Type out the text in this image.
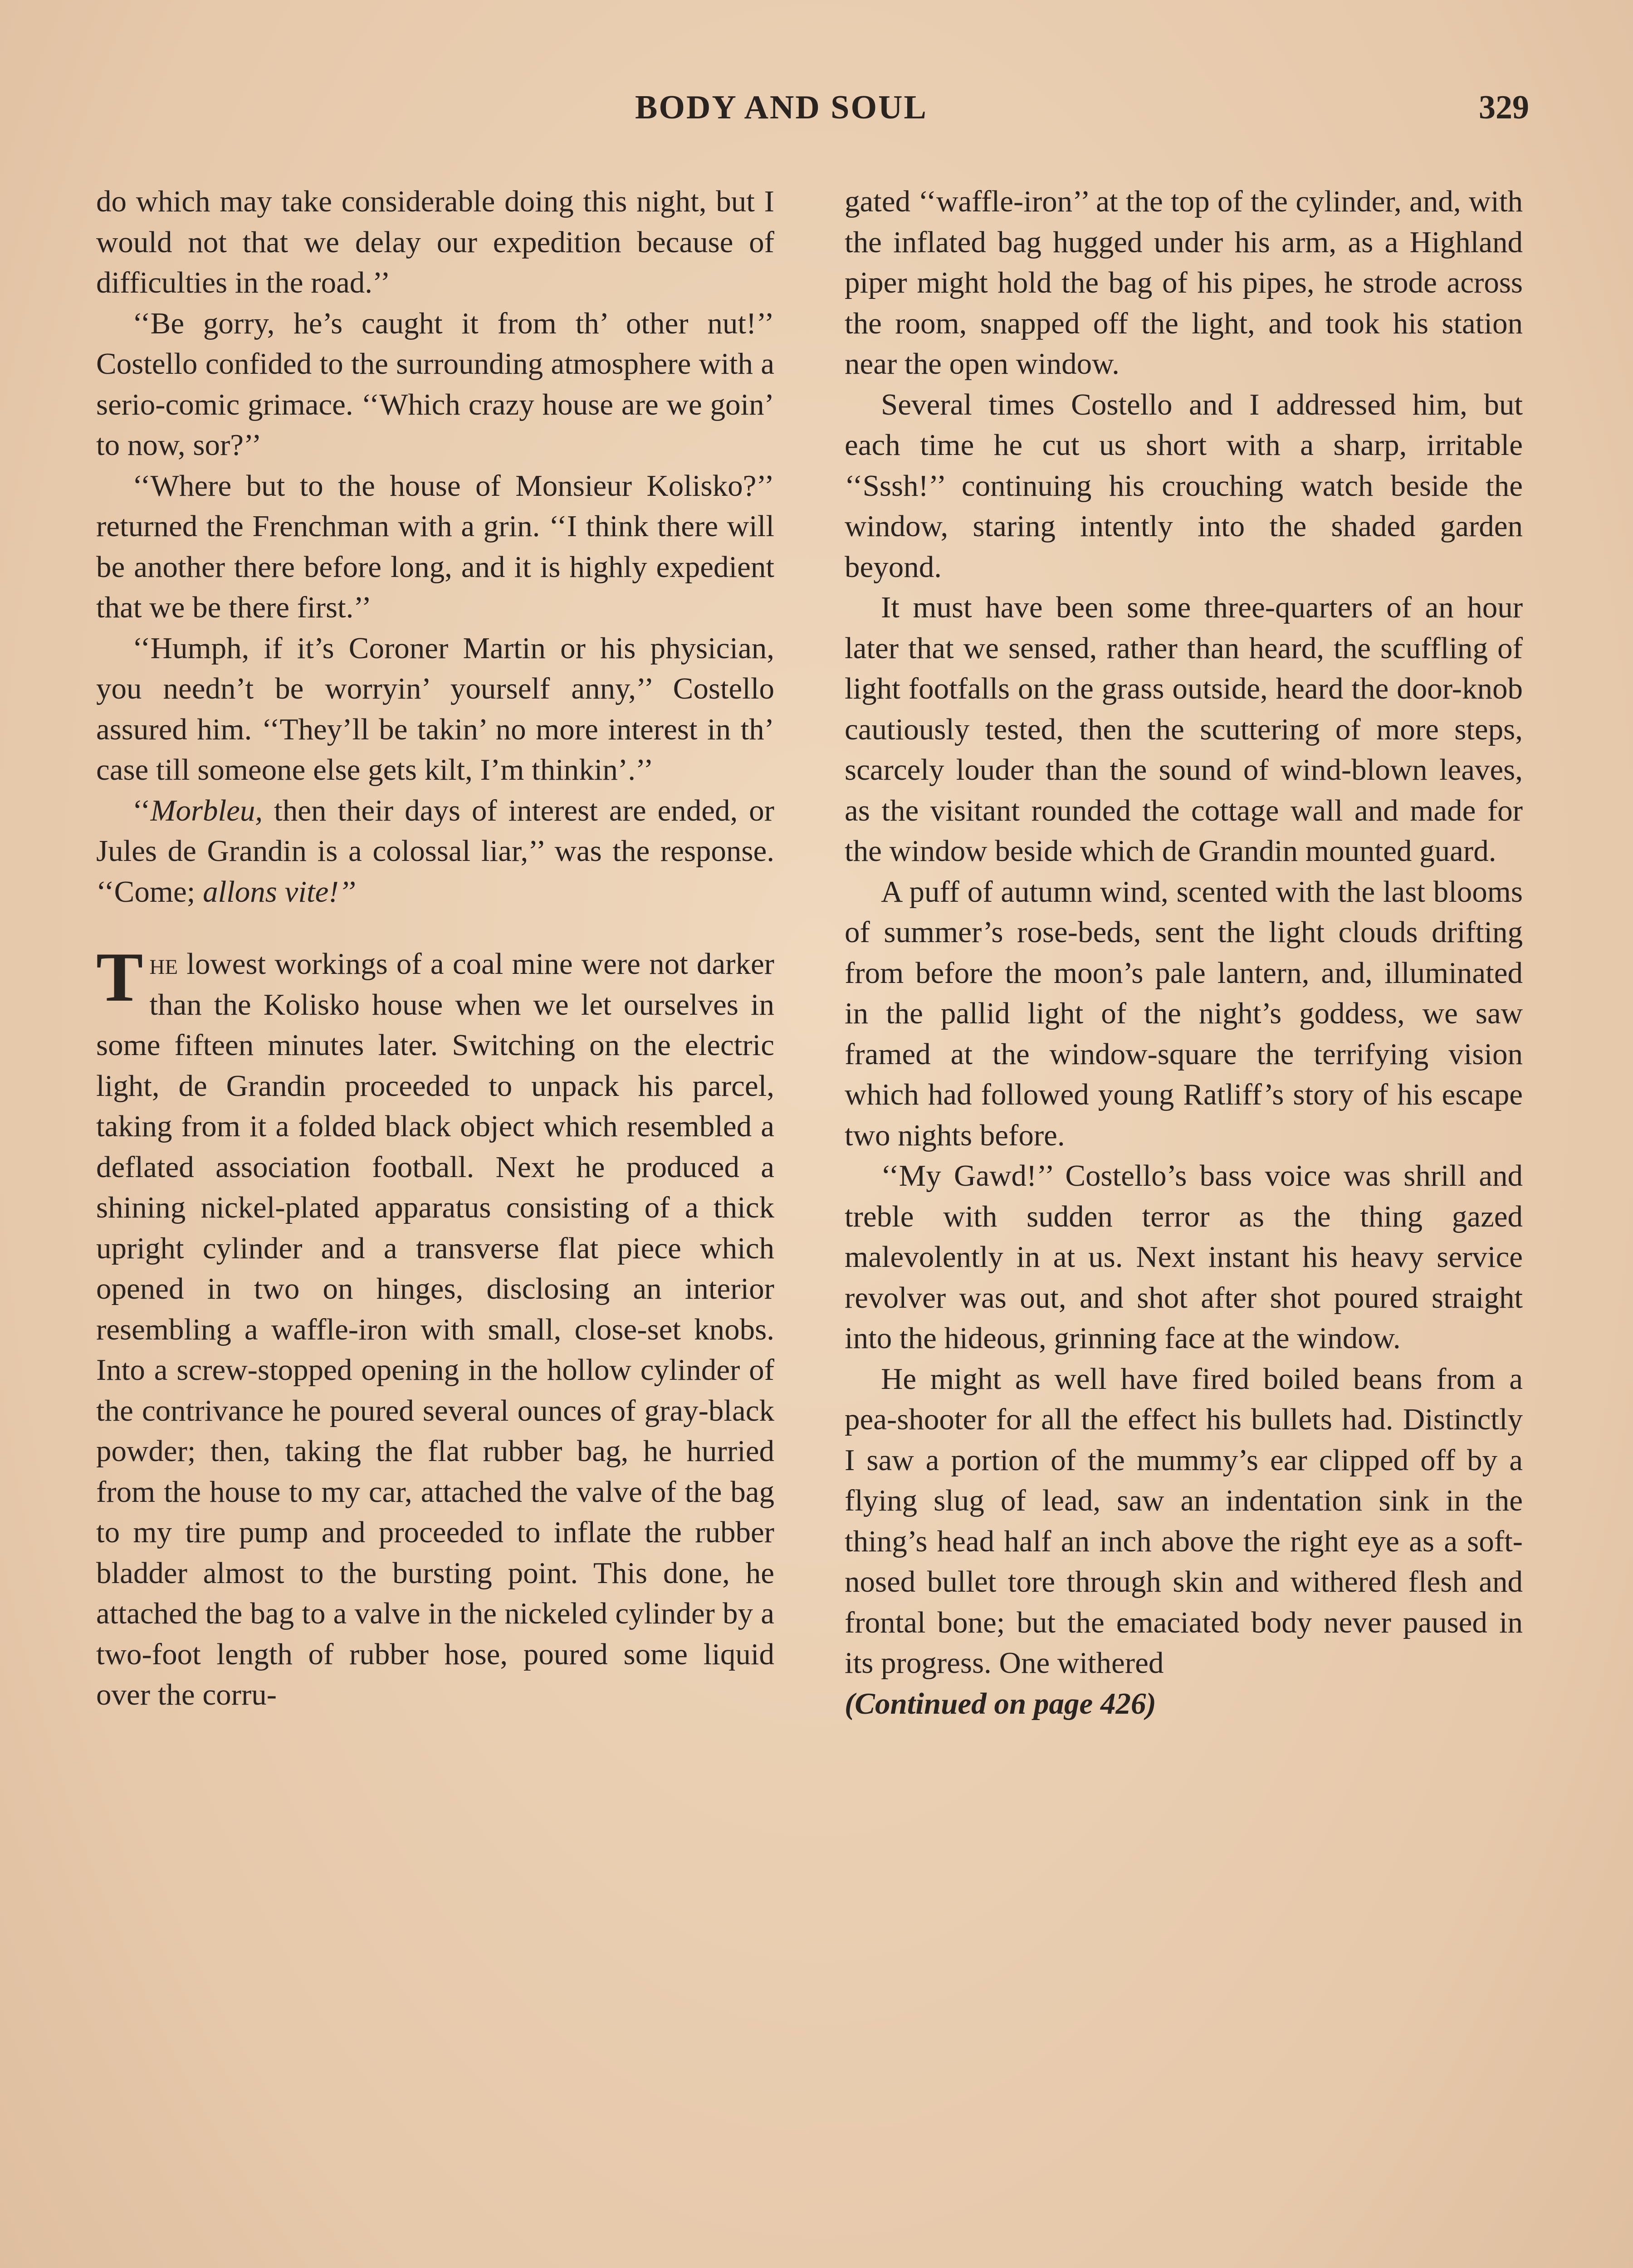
BODY AND SOUL	329

do which may take considerable doing this night, but I would not that we delay our expedition because of difficulties in the road.’’

‘‘Be gorry, he’s caught it from th’ other nut!’’ Costello confided to the surrounding atmosphere with a serio-comic grimace. ‘‘Which crazy house are we goin’ to now, sor?’’

‘‘Where but to the house of Monsieur Kolisko?’’ returned the Frenchman with a grin. ‘‘I think there will be another there before long, and it is highly expedient that we be there first.’’

‘‘Humph, if it’s Coroner Martin or his physician, you needn’t be worryin’ yourself anny,’’ Costello assured him. ‘‘They’ll be takin’ no more interest in th’ case till someone else gets kilt, I’m thinkin’.’’

‘‘Morbleu, then their days of interest are ended, or Jules de Grandin is a colossal liar,’’ was the response. ‘‘Come; allons vite!’’

The lowest workings of a coal mine were not darker than the Kolisko house when we let ourselves in some fifteen minutes later. Switching on the electric light, de Grandin proceeded to unpack his parcel, taking from it a folded black object which resembled a deflated association football. Next he produced a shining nickel-plated apparatus consisting of a thick upright cylinder and a transverse flat piece which opened in two on hinges, disclosing an interior resembling a waffle-iron with small, close-set knobs. Into a screw-stopped opening in the hollow cylinder of the contrivance he poured several ounces of gray-black powder; then, taking the flat rubber bag, he hurried from the house to my car, attached the valve of the bag to my tire pump and proceeded to inflate the rubber bladder almost to the bursting point. This done, he attached the bag to a valve in the nickeled cylinder by a two-foot length of rubber hose, poured some liquid over the corru-

gated ‘‘waffle-iron’’ at the top of the cylinder, and, with the inflated bag hugged under his arm, as a Highland piper might hold the bag of his pipes, he strode across the room, snapped off the light, and took his station near the open window.

Several times Costello and I addressed him, but each time he cut us short with a sharp, irritable ‘‘Sssh!’’ continuing his crouching watch beside the window, staring intently into the shaded garden beyond.

It must have been some three-quarters of an hour later that we sensed, rather than heard, the scuffling of light footfalls on the grass outside, heard the door-knob cautiously tested, then the scuttering of more steps, scarcely louder than the sound of wind-blown leaves, as the visitant rounded the cottage wall and made for the window beside which de Grandin mounted guard.

A puff of autumn wind, scented with the last blooms of summer’s rose-beds, sent the light clouds drifting from before the moon’s pale lantern, and, illuminated in the pallid light of the night’s goddess, we saw framed at the window-square the terrifying vision which had followed young Ratliff’s story of his escape two nights before.

‘‘My Gawd!’’ Costello’s bass voice was shrill and treble with sudden terror as the thing gazed malevolently in at us. Next instant his heavy service revolver was out, and shot after shot poured straight into the hideous, grinning face at the window.

He might as well have fired boiled beans from a pea-shooter for all the effect his bullets had. Distinctly I saw a portion of the mummy’s ear clipped off by a flying slug of lead, saw an indentation sink in the thing’s head half an inch above the right eye as a soft-nosed bullet tore through skin and withered flesh and frontal bone; but the emaciated body never paused in its progress. One withered

(Continued on page 426)
